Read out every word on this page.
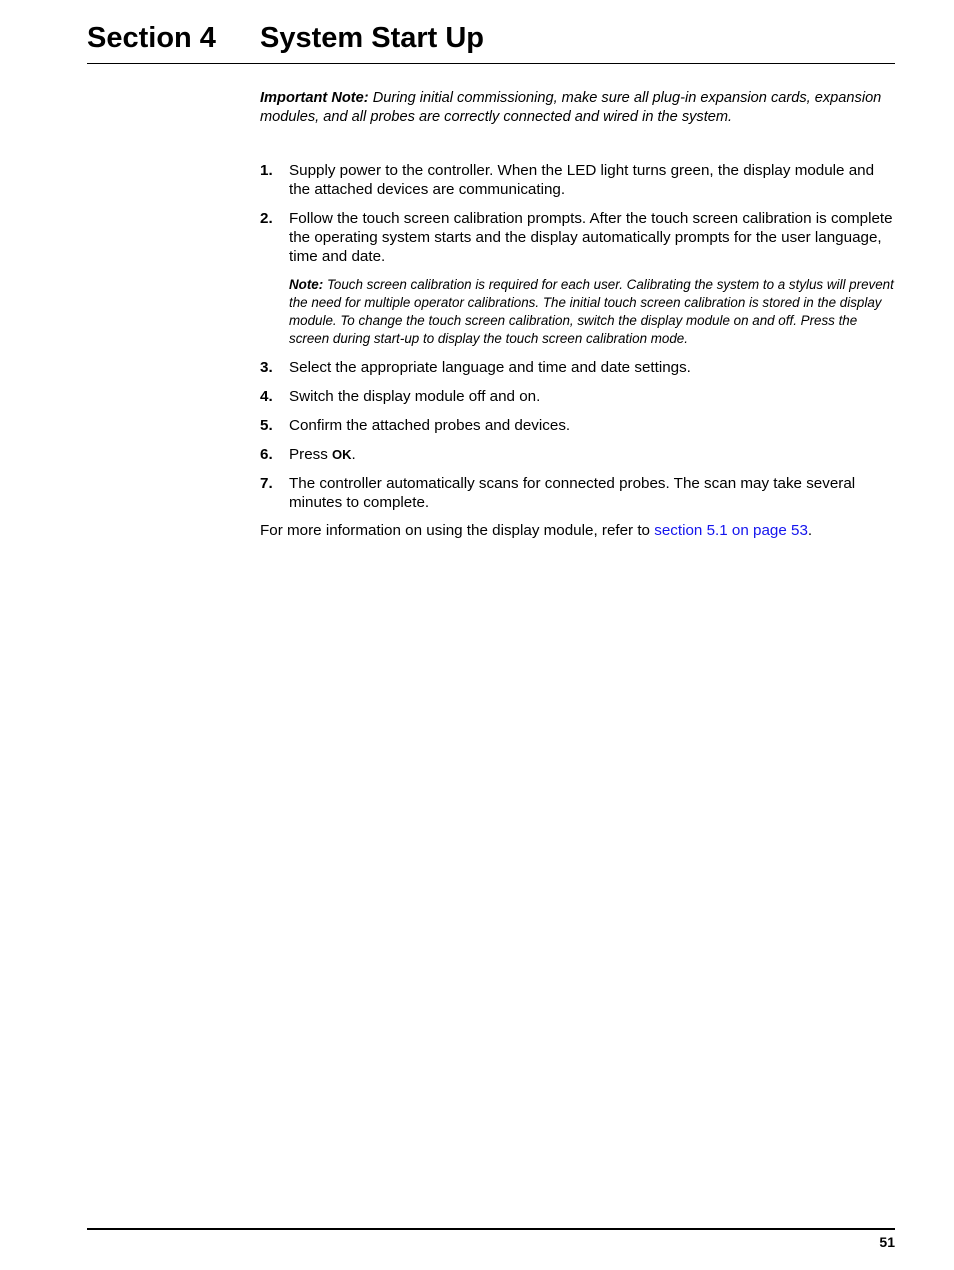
Section 4 System Start Up

Important Note: During initial commissioning, make sure all plug-in expansion cards, expansion modules, and all probes are correctly connected and wired in the system.

1. Supply power to the controller. When the LED light turns green, the display module and the attached devices are communicating.
2. Follow the touch screen calibration prompts. After the touch screen calibration is complete the operating system starts and the display automatically prompts for the user language, time and date.
Note: Touch screen calibration is required for each user. Calibrating the system to a stylus will prevent the need for multiple operator calibrations. The initial touch screen calibration is stored in the display module. To change the touch screen calibration, switch the display module on and off. Press the screen during start-up to display the touch screen calibration mode.
3. Select the appropriate language and time and date settings.
4. Switch the display module off and on.
5. Confirm the attached probes and devices.
6. Press OK.
7. The controller automatically scans for connected probes. The scan may take several minutes to complete.

For more information on using the display module, refer to section 5.1 on page 53.

51
